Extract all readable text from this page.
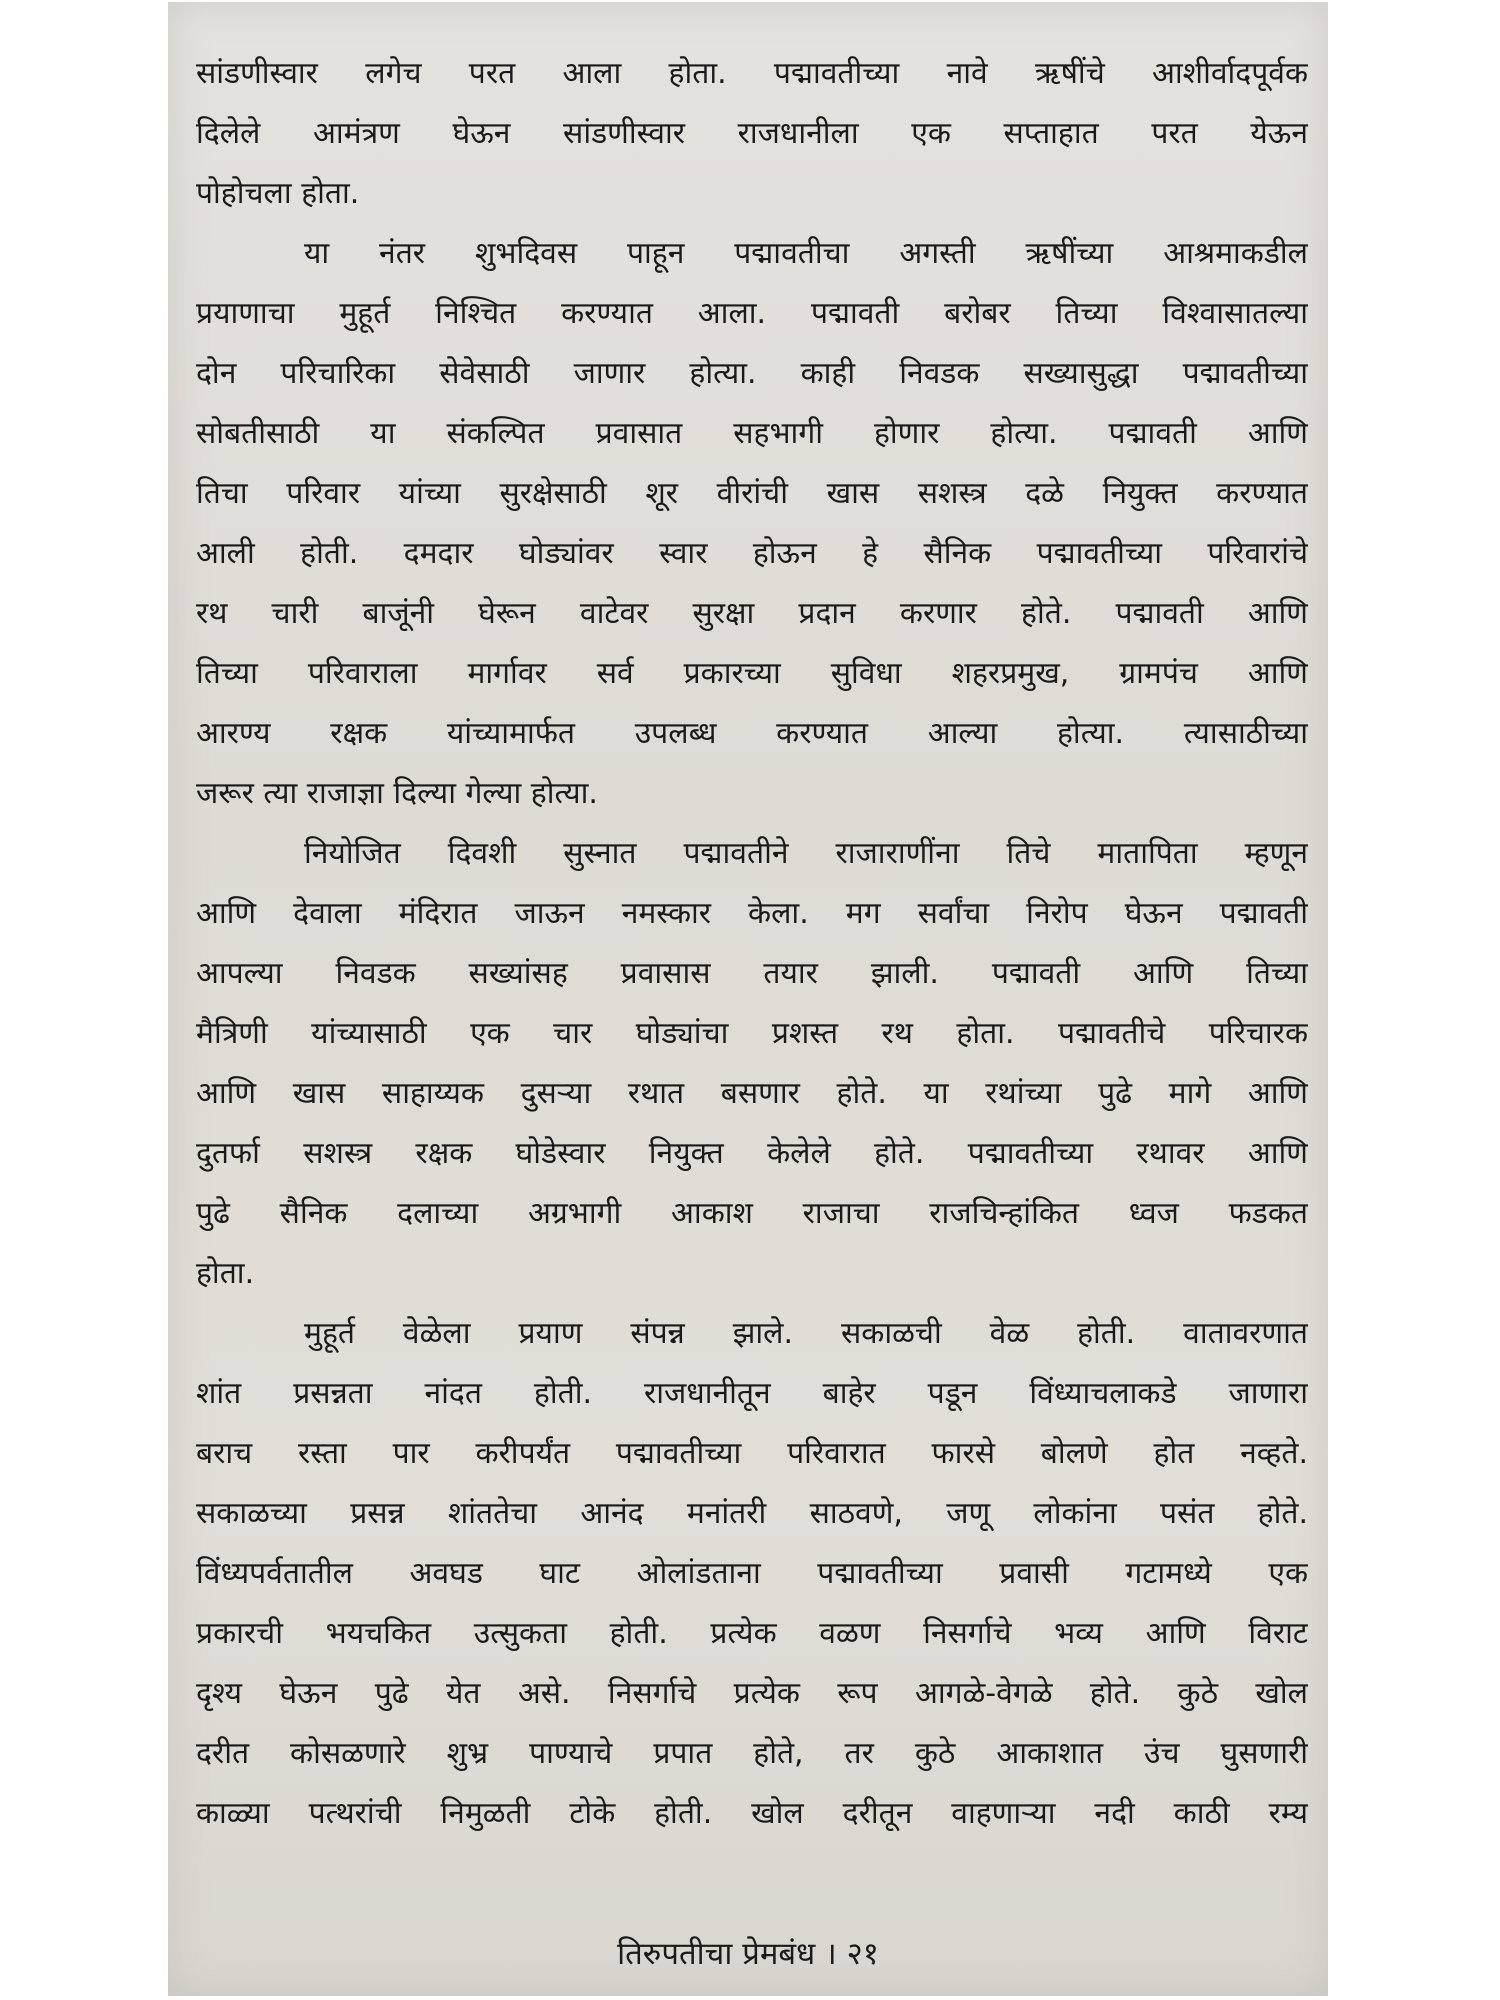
सांडणीस्वार लगेच परत आला होता. पद्मावतीच्या नावे ऋषींचे आशीर्वादपूर्वक
दिलेले आमंत्रण घेऊन सांडणीस्वार राजधानीला एक सप्ताहात परत येऊन
पोहोचला होता.
या नंतर शुभदिवस पाहून पद्मावतीचा अगस्ती ऋषींच्या आश्रमाकडील
प्रयाणाचा मुहूर्त निश्चित करण्यात आला. पद्मावती बरोबर तिच्या विश्वासातल्या
दोन परिचारिका सेवेसाठी जाणार होत्या. काही निवडक सख्यासुद्धा पद्मावतीच्या
सोबतीसाठी या संकल्पित प्रवासात सहभागी होणार होत्या. पद्मावती आणि
तिचा परिवार यांच्या सुरक्षेसाठी शूर वीरांची खास सशस्त्र दळे नियुक्त करण्यात
आली होती. दमदार घोड्यांवर स्वार होऊन हे सैनिक पद्मावतीच्या परिवारांचे
रथ चारी बाजूंनी घेरून वाटेवर सुरक्षा प्रदान करणार होते. पद्मावती आणि
तिच्या परिवाराला मार्गावर सर्व प्रकारच्या सुविधा शहरप्रमुख, ग्रामपंच आणि
आरण्य रक्षक यांच्यामार्फत उपलब्ध करण्यात आल्या होत्या. त्यासाठीच्या
जरूर त्या राजाज्ञा दिल्या गेल्या होत्या.
नियोजित दिवशी सुस्नात पद्मावतीने राजाराणींना तिचे मातापिता म्हणून
आणि देवाला मंदिरात जाऊन नमस्कार केला. मग सर्वांचा निरोप घेऊन पद्मावती
आपल्या निवडक सख्यांसह प्रवासास तयार झाली. पद्मावती आणि तिच्या
मैत्रिणी यांच्यासाठी एक चार घोड्यांचा प्रशस्त रथ होता. पद्मावतीचे परिचारक
आणि खास साहाय्यक दुसऱ्या रथात बसणार होते. या रथांच्या पुढे मागे आणि
दुतर्फा सशस्त्र रक्षक घोडेस्वार नियुक्त केलेले होते. पद्मावतीच्या रथावर आणि
पुढे सैनिक दलाच्या अग्रभागी आकाश राजाचा राजचिन्हांकित ध्वज फडकत
होता.
मुहूर्त वेळेला प्रयाण संपन्न झाले. सकाळची वेळ होती. वातावरणात
शांत प्रसन्नता नांदत होती. राजधानीतून बाहेर पडून विंध्याचलाकडे जाणारा
बराच रस्ता पार करीपर्यंत पद्मावतीच्या परिवारात फारसे बोलणे होत नव्हते.
सकाळच्या प्रसन्न शांततेचा आनंद मनांतरी साठवणे, जणू लोकांना पसंत होते.
विंध्यपर्वतातील अवघड घाट ओलांडताना पद्मावतीच्या प्रवासी गटामध्ये एक
प्रकारची भयचकित उत्सुकता होती. प्रत्येक वळण निसर्गाचे भव्य आणि विराट
दृश्य घेऊन पुढे येत असे. निसर्गाचे प्रत्येक रूप आगळे-वेगळे होते. कुठे खोल
दरीत कोसळणारे शुभ्र पाण्याचे प्रपात होते, तर कुठे आकाशात उंच घुसणारी
काळ्या पत्थरांची निमुळती टोके होती. खोल दरीतून वाहणाऱ्या नदी काठी रम्य
तिरुपतीचा प्रेमबंध । २१
